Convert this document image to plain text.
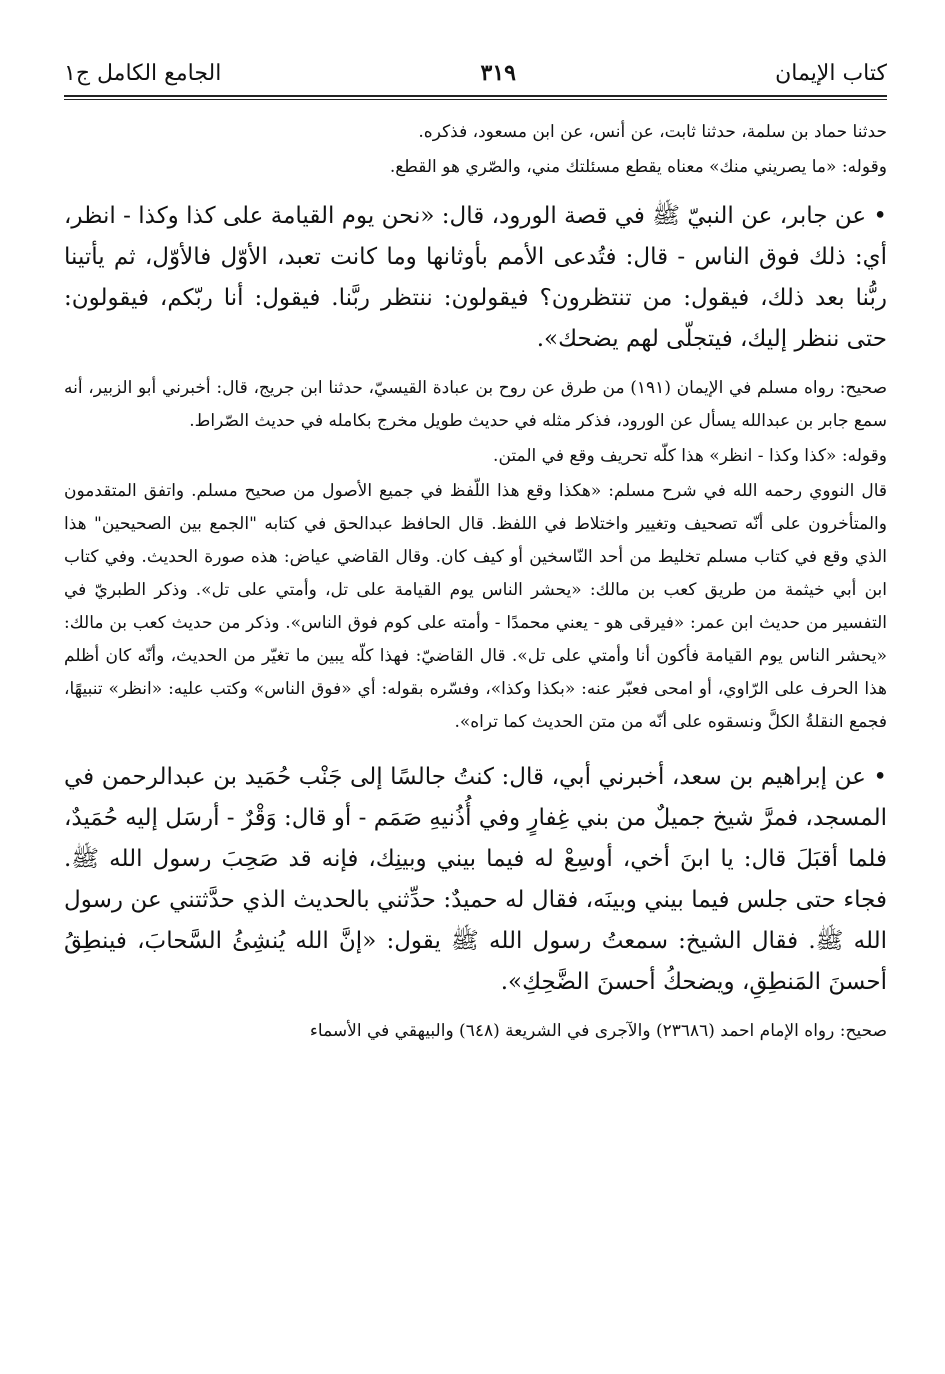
كتاب الإيمان
٣١٩
الجامع الكامل ج١

حدثنا حماد بن سلمة، حدثنا ثابت، عن أنس، عن ابن مسعود، فذكره.

وقوله: «ما يصريني منك» معناه يقطع مسئلتك مني، والصّري هو القطع.

• عن جابر، عن النبيّ ﷺ في قصة الورود، قال: «نحن يوم القيامة على كذا وكذا - انظر، أي: ذلك فوق الناس - قال: فتُدعى الأمم بأوثانها وما كانت تعبد، الأوّل فالأوّل، ثم يأتينا ربُّنا بعد ذلك، فيقول: من تنتظرون؟ فيقولون: ننتظر ربَّنا. فيقول: أنا ربّكم، فيقولون: حتى ننظر إليك، فيتجلّى لهم يضحك».

صحيح: رواه مسلم في الإيمان (١٩١) من طرق عن روح بن عبادة القيسيّ، حدثنا ابن جريج، قال: أخبرني أبو الزبير، أنه سمع جابر بن عبدالله يسأل عن الورود، فذكر مثله في حديث طويل مخرج بكامله في حديث الصّراط.

وقوله: «كذا وكذا - انظر» هذا كلّه تحريف وقع في المتن.

قال النووي رحمه الله في شرح مسلم: «هكذا وقع هذا اللّفظ في جميع الأصول من صحيح مسلم. واتفق المتقدمون والمتأخرون على أنّه تصحيف وتغيير واختلاط في اللفظ. قال الحافظ عبدالحق في كتابه "الجمع بين الصحيحين" هذا الذي وقع في كتاب مسلم تخليط من أحد النّاسخين أو كيف كان. وقال القاضي عياض: هذه صورة الحديث. وفي كتاب ابن أبي خيثمة من طريق كعب بن مالك: «يحشر الناس يوم القيامة على تل، وأمتي على تل». وذكر الطبريّ في التفسير من حديث ابن عمر: «فيرقى هو - يعني محمدًا - وأمته على كوم فوق الناس». وذكر من حديث كعب بن مالك: «يحشر الناس يوم القيامة فأكون أنا وأمتي على تل». قال القاضيّ: فهذا كلّه يبين ما تغيّر من الحديث، وأنّه كان أظلم هذا الحرف على الرّاوي، أو امحى فعبّر عنه: «بكذا وكذا»، وفسّره بقوله: أي «فوق الناس» وكتب عليه: «انظر» تنبيهًا، فجمع النقلةُ الكلَّ ونسقوه على أنّه من متن الحديث كما تراه».

• عن إبراهيم بن سعد، أخبرني أبي، قال: كنتُ جالسًا إلى جَنْب حُمَيد بن عبدالرحمن في المسجد، فمرَّ شيخ جميلٌ من بني غِفارٍ وفي أُذُنيهِ صَمَم - أو قال: وَقْرٌ - أرسَل إليه حُمَيدٌ، فلما أقبَلَ قال: يا ابنَ أخي، أوسِعْ له فيما بيني وبينِك، فإنه قد صَحِبَ رسول الله ﷺ. فجاء حتى جلس فيما بيني وبينَه، فقال له حميدٌ: حدِّثني بالحديث الذي حدَّثتني عن رسول الله ﷺ. فقال الشيخ: سمعتُ رسول الله ﷺ يقول: «إنَّ الله يُنشِئُ السَّحابَ، فينطِقُ أحسنَ المَنطِقِ، ويضحكُ أحسنَ الضَّحِكِ».

صحيح: رواه الإمام احمد (٢٣٦٨٦) والآجرى في الشريعة (٦٤٨) والبيهقي في الأسماء
